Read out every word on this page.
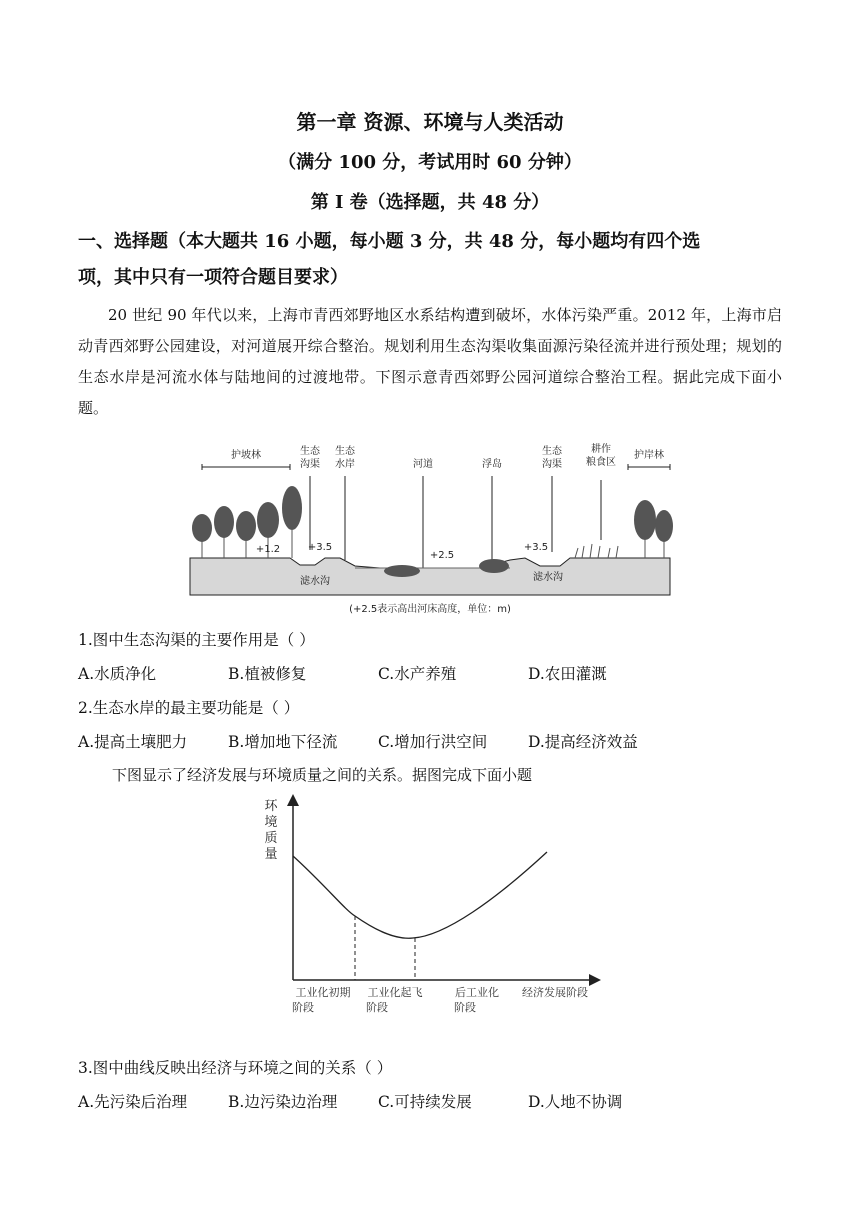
第一章 资源、环境与人类活动
（满分 100 分，考试用时 60 分钟）
第 I 卷（选择题，共 48 分）
一、选择题（本大题共 16 小题，每小题 3 分，共 48 分，每小题均有四个选
项，其中只有一项符合题目要求）
20 世纪 90 年代以来，上海市青西郊野地区水系结构遭到破坏，水体污染严重。2012 年，上海市启动青西郊野公园建设，对河道展开综合整治。规划利用生态沟渠收集面源污染径流并进行预处理；规划的生态水岸是河流水体与陆地间的过渡地带。下图示意青西郊野公园河道综合整治工程。据此完成下面小题。
护坡林	生态
沟渠
生态
水岸	河道	浮岛
生态
沟渠
耕作
粮食区
护岸林
+1.2	+3.5
+2.5
+3.5
滤水沟	滤水沟
(+2.5表示高出河床高度，单位：m)
1.图中生态沟渠的主要作用是（ ）
A.水质净化	B.植被修复	C.水产养殖	D.农田灌溉
2.生态水岸的最主要功能是（ ）
A.提高土壤肥力	B.增加地下径流	C.增加行洪空间	D.提高经济效益
下图显示了经济发展与环境质量之间的关系。据图完成下面小题
环境质量
工业化初期
阶段
工业化起飞
阶段
后工业化
阶段
经济发展阶段
3.图中曲线反映出经济与环境之间的关系（ ）
A.先污染后治理	B.边污染边治理	C.可持续发展	D.人地不协调
